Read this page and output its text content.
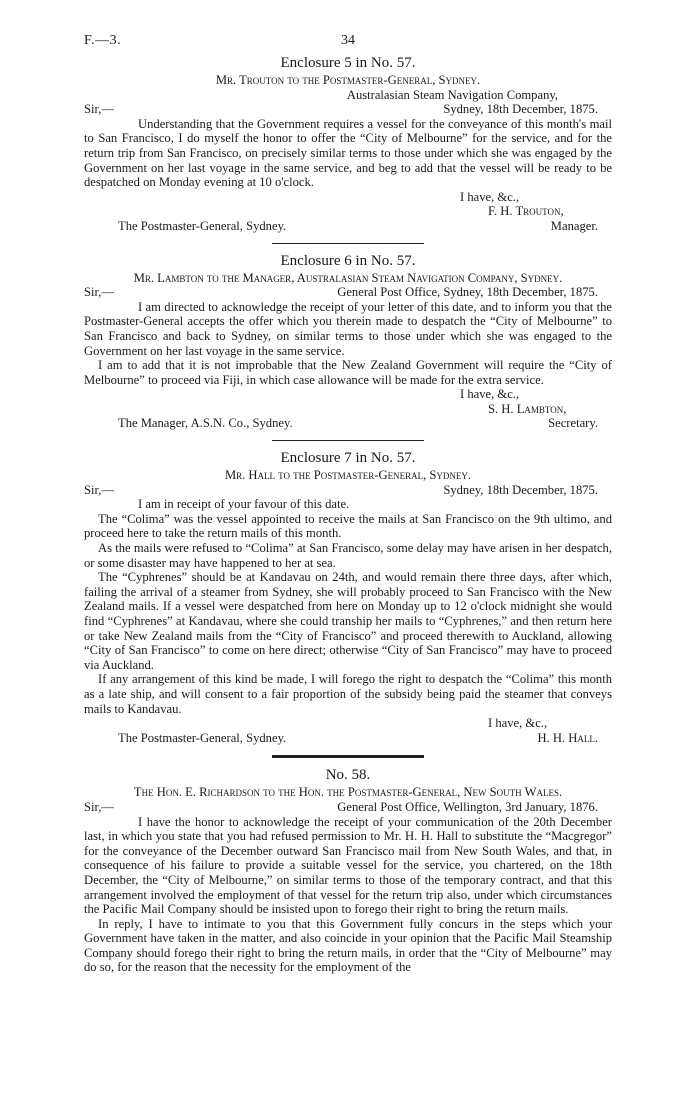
F.—3.	34
Enclosure 5 in No. 57.
Mr. Trouton to the Postmaster-General, Sydney.
Australasian Steam Navigation Company,
Sir,—	Sydney, 18th December, 1875.

Understanding that the Government requires a vessel for the conveyance of this month's mail to San Francisco, I do myself the honor to offer the “City of Melbourne” for the service, and for the return trip from San Francisco, on precisely similar terms to those under which she was engaged by the Government on her last voyage in the same service, and beg to add that the vessel will be ready to be despatched on Monday evening at 10 o'clock.

I have, &c.,
F. H. Trouton,
The Postmaster-General, Sydney.	Manager.
Enclosure 6 in No. 57.
Mr. Lambton to the Manager, Australasian Steam Navigation Company, Sydney.
Sir,—	General Post Office, Sydney, 18th December, 1875.

I am directed to acknowledge the receipt of your letter of this date, and to inform you that the Postmaster-General accepts the offer which you therein made to despatch the “City of Melbourne” to San Francisco and back to Sydney, on similar terms to those under which she was engaged to the Government on her last voyage in the same service.

I am to add that it is not improbable that the New Zealand Government will require the “City of Melbourne” to proceed via Fiji, in which case allowance will be made for the extra service.

I have, &c.,
S. H. Lambton,
The Manager, A.S.N. Co., Sydney.	Secretary.
Enclosure 7 in No. 57.
Mr. Hall to the Postmaster-General, Sydney.
Sir,—	Sydney, 18th December, 1875.

I am in receipt of your favour of this date.

The “Colima” was the vessel appointed to receive the mails at San Francisco on the 9th ultimo, and proceed here to take the return mails of this month.

As the mails were refused to “Colima” at San Francisco, some delay may have arisen in her despatch, or some disaster may have happened to her at sea.

The “Cyphrenes” should be at Kandavau on 24th, and would remain there three days, after which, failing the arrival of a steamer from Sydney, she will probably proceed to San Francisco with the New Zealand mails. If a vessel were despatched from here on Monday up to 12 o'clock midnight she would find “Cyphrenes” at Kandavau, where she could tranship her mails to “Cyphrenes,” and then return here or take New Zealand mails from the “City of Francisco” and proceed therewith to Auckland, allowing “City of San Francisco” to come on here direct; otherwise “City of San Francisco” may have to proceed via Auckland.

If any arrangement of this kind be made, I will forego the right to despatch the “Colima” this month as a late ship, and will consent to a fair proportion of the subsidy being paid the steamer that conveys mails to Kandavau.

I have, &c.,
The Postmaster-General, Sydney.	H. H. Hall.
No. 58.
The Hon. E. Richardson to the Hon. the Postmaster-General, New South Wales.
Sir,—	General Post Office, Wellington, 3rd January, 1876.

I have the honor to acknowledge the receipt of your communication of the 20th December last, in which you state that you had refused permission to Mr. H. H. Hall to substitute the “Macgregor” for the conveyance of the December outward San Francisco mail from New South Wales, and that, in consequence of his failure to provide a suitable vessel for the service, you chartered, on the 18th December, the “City of Melbourne,” on similar terms to those of the temporary contract, and that this arrangement involved the employment of that vessel for the return trip also, under which circumstances the Pacific Mail Company should be insisted upon to forego their right to bring the return mails.

In reply, I have to intimate to you that this Government fully concurs in the steps which your Government have taken in the matter, and also coincide in your opinion that the Pacific Mail Steamship Company should forego their right to bring the return mails, in order that the “City of Melbourne” may do so, for the reason that the necessity for the employment of the
